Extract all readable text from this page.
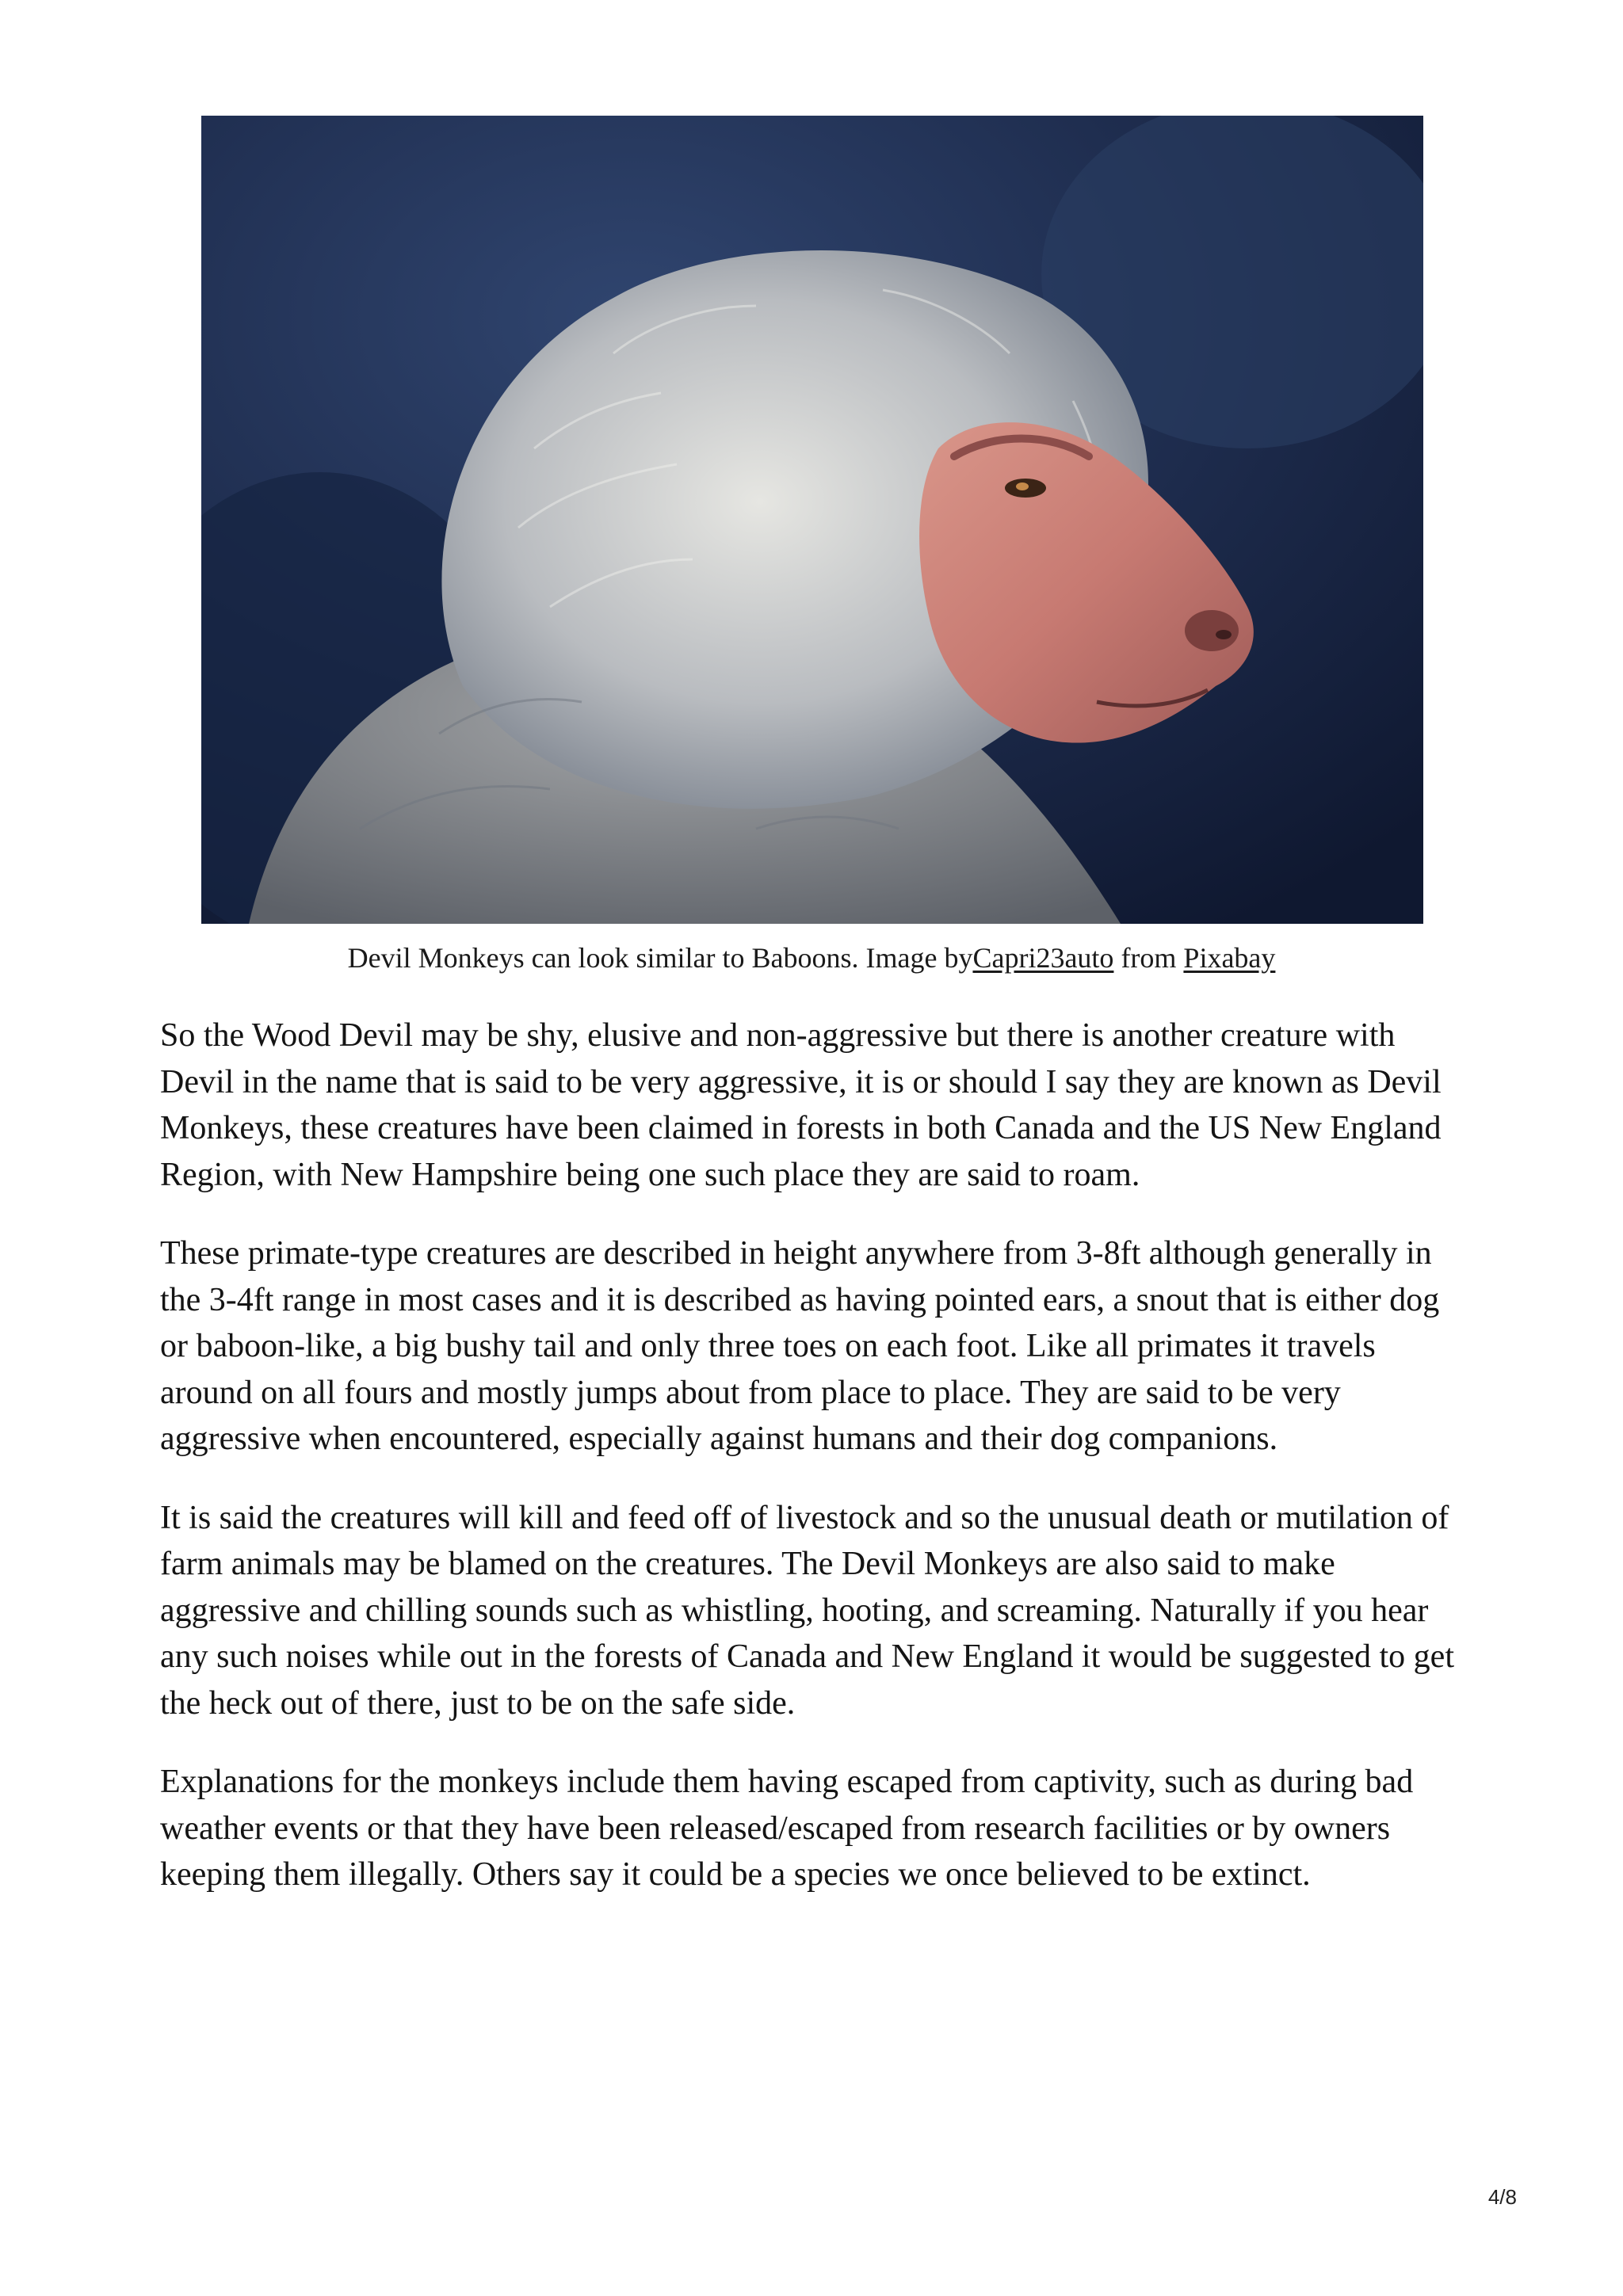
Devil Monkeys can look similar to Baboons. Image byCapri23auto from Pixabay

So the Wood Devil may be shy, elusive and non-aggressive but there is another creature with Devil in the name that is said to be very aggressive, it is or should I say they are known as Devil Monkeys, these creatures have been claimed in forests in both Canada and the US New England Region, with New Hampshire being one such place they are said to roam.

These primate-type creatures are described in height anywhere from 3-8ft although generally in the 3-4ft range in most cases and it is described as having pointed ears, a snout that is either dog or baboon-like, a big bushy tail and only three toes on each foot. Like all primates it travels around on all fours and mostly jumps about from place to place. They are said to be very aggressive when encountered, especially against humans and their dog companions.

It is said the creatures will kill and feed off of livestock and so the unusual death or mutilation of farm animals may be blamed on the creatures. The Devil Monkeys are also said to make aggressive and chilling sounds such as whistling, hooting, and screaming. Naturally if you hear any such noises while out in the forests of Canada and New England it would be suggested to get the heck out of there, just to be on the safe side.

Explanations for the monkeys include them having escaped from captivity, such as during bad weather events or that they have been released/escaped from research facilities or by owners keeping them illegally. Others say it could be a species we once believed to be extinct.

4/8
